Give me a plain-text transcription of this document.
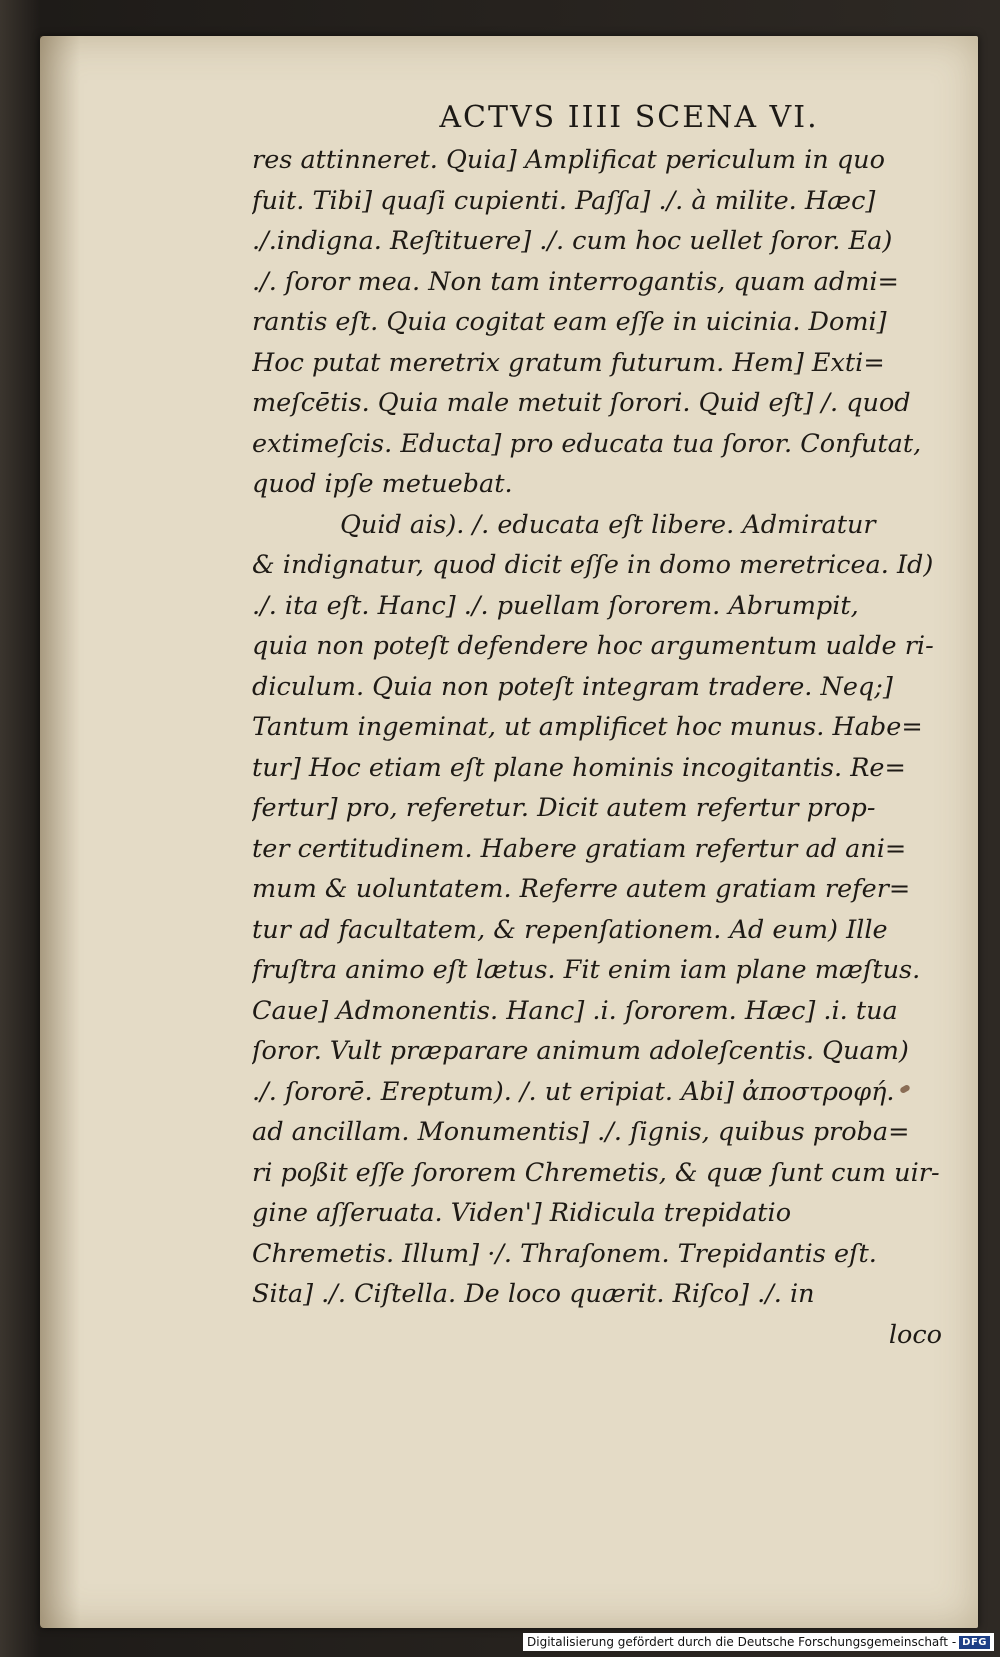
ACTVS IIII SCENA VI.
res attinneret. Quia] Amplificat periculum in quo
fuit. Tibi] quaſi cupienti. Paſſa] ./. à milite. Hæc]
./.indigna. Reſtituere] ./. cum hoc uellet ſoror. Ea)
./. ſoror mea. Non tam interrogantis, quam admi=
rantis eſt. Quia cogitat eam eſſe in uicinia. Domi]
Hoc putat meretrix gratum futurum. Hem] Exti=
meſcētis. Quia male metuit ſorori. Quid eſt] /. quod
extimeſcis. Educta] pro educata tua ſoror. Confutat,
quod ipſe metuebat.
Quid ais). /. educata eſt libere. Admiratur
& indignatur, quod dicit eſſe in domo meretricea. Id)
./. ita eſt. Hanc] ./. puellam ſororem. Abrumpit,
quia non poteſt defendere hoc argumentum ualde ri-
diculum. Quia non poteſt integram tradere. Neq;]
Tantum ingeminat, ut amplificet hoc munus. Habe=
tur] Hoc etiam eſt plane hominis incogitantis. Re=
fertur] pro, referetur. Dicit autem refertur prop-
ter certitudinem. Habere gratiam refertur ad ani=
mum & uoluntatem. Referre autem gratiam refer=
tur ad facultatem, & repenſationem. Ad eum) Ille
fruſtra animo eſt lætus. Fit enim iam plane mæſtus.
Caue] Admonentis. Hanc] .i. ſororem. Hæc] .i. tua
ſoror. Vult præparare animum adoleſcentis. Quam)
./. ſororē. Ereptum). /. ut eripiat. Abi] ἀποστροφή.
ad ancillam. Monumentis] ./. ſignis, quibus proba=
ri poßit eſſe ſororem Chremetis, & quæ ſunt cum uir-
gine aſſeruata. Viden'] Ridicula trepidatio
Chremetis. Illum] ·/. Thraſonem. Trepidantis eſt.
Sita] ./. Ciſtella. De loco quærit. Riſco] ./. in
loco
Digitalisierung gefördert durch die Deutsche Forschungsgemeinschaft - DFG
